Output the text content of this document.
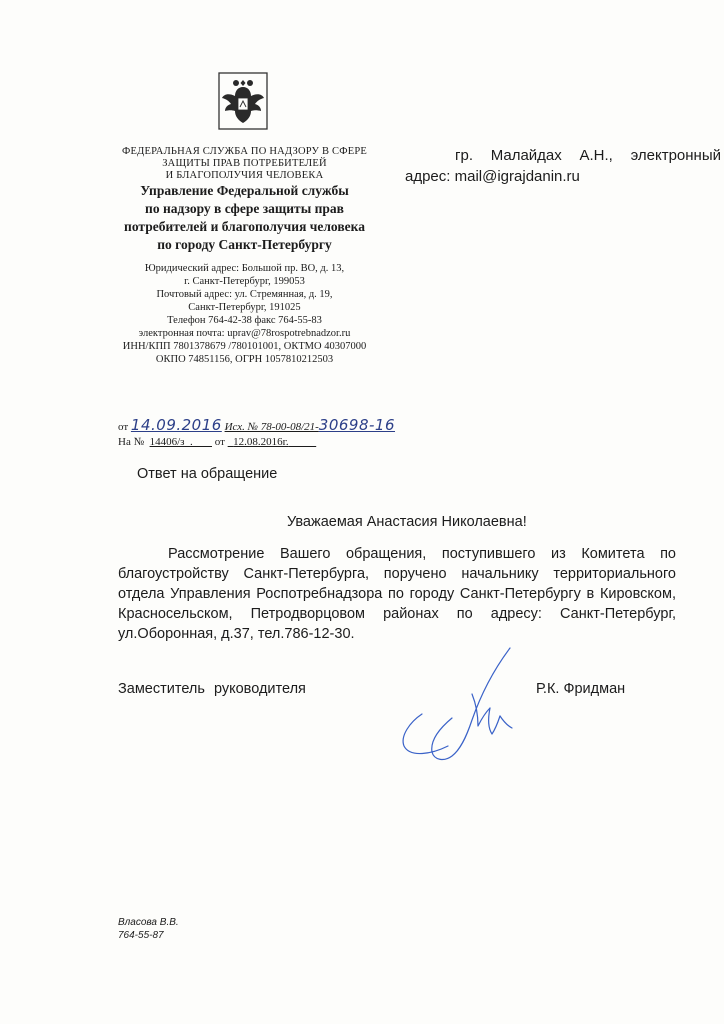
ФЕДЕРАЛЬНАЯ СЛУЖБА ПО НАДЗОРУ В СФЕРЕ
ЗАЩИТЫ ПРАВ ПОТРЕБИТЕЛЕЙ
И БЛАГОПОЛУЧИЯ ЧЕЛОВЕКА
Управление Федеральной службы
по надзору в сфере защиты прав
потребителей и благополучия человека
по городу Санкт-Петербургу
Юридический адрес: Большой пр. ВО, д. 13,
г. Санкт-Петербург, 199053
Почтовый адрес: ул. Стремянная, д. 19,
Санкт-Петербург, 191025
Телефон 764-42-38 факс 764-55-83
электронная почта: uprav@78rospotrebnadzor.ru
ИНН/КПП 7801378679 /780101001, ОКТМО 40307000
ОКПО 74851156, ОГРН 1057810212503
гр. Малайдах А.Н., электронный
адрес: mail@igrajdanin.ru
от 14.09.2016 Исх. № 78-00-08/21-30698-16
На № 14406/з  .        от 12.08.2016г.
Ответ на обращение
Уважаемая Анастасия Николаевна!
Рассмотрение Вашего обращения, поступившего из Комитета по благоустройству Санкт-Петербурга, поручено начальнику территориального отдела Управления Роспотребнадзора по городу Санкт-Петербургу в Кировском, Красносельском, Петродворцовом районах по адресу: Санкт-Петербург, ул.Оборонная, д.37, тел.786-12-30.
Заместитель руководителя	Р.К. Фридман
Власова В.В.
764-55-87
